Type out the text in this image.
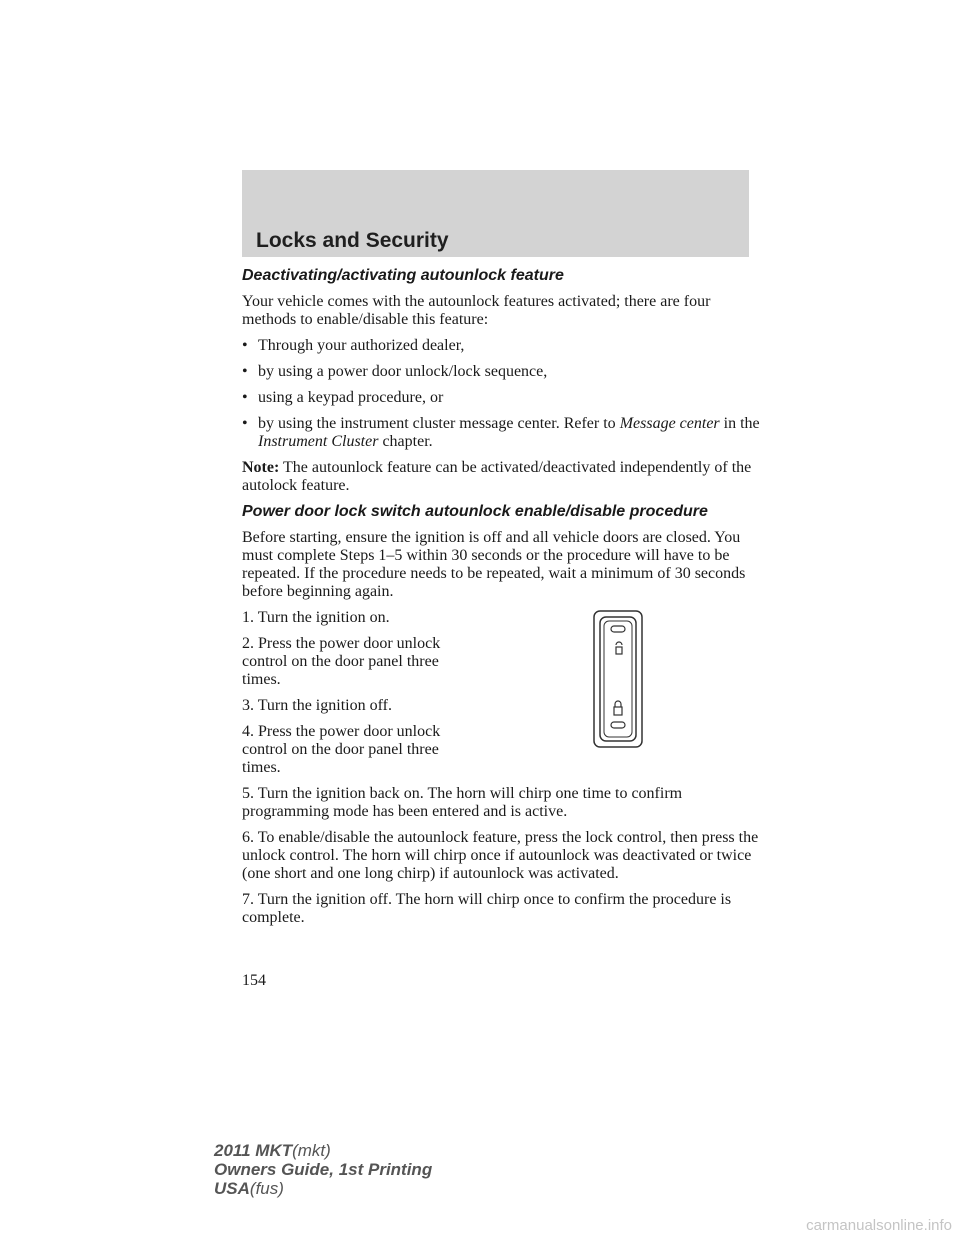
Locks and Security
Deactivating/activating autounlock feature

Your vehicle comes with the autounlock features activated; there are four methods to enable/disable this feature:

• Through your authorized dealer,
• by using a power door unlock/lock sequence,
• using a keypad procedure, or
• by using the instrument cluster message center. Refer to Message center in the Instrument Cluster chapter.

Note: The autounlock feature can be activated/deactivated independently of the autolock feature.

Power door lock switch autounlock enable/disable procedure

Before starting, ensure the ignition is off and all vehicle doors are closed. You must complete Steps 1–5 within 30 seconds or the procedure will have to be repeated. If the procedure needs to be repeated, wait a minimum of 30 seconds before beginning again.

1. Turn the ignition on.

2. Press the power door unlock control on the door panel three times.

3. Turn the ignition off.

4. Press the power door unlock control on the door panel three times.

5. Turn the ignition back on. The horn will chirp one time to confirm programming mode has been entered and is active.

6. To enable/disable the autounlock feature, press the lock control, then press the unlock control. The horn will chirp once if autounlock was deactivated or twice (one short and one long chirp) if autounlock was activated.

7. Turn the ignition off. The horn will chirp once to confirm the procedure is complete.

154
2011 MKT(mkt)
Owners Guide, 1st Printing
USA(fus)
carmanualsonline.info
